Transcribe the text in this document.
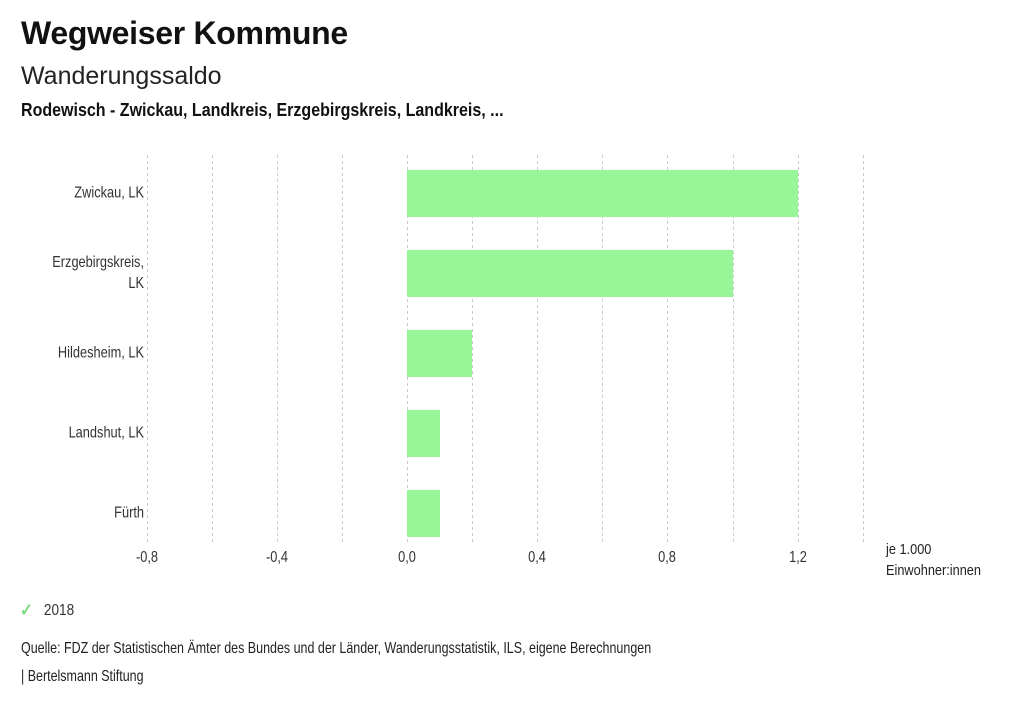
Wegweiser Kommune
Wanderungssaldo
Rodewisch - Zwickau, Landkreis, Erzgebirgskreis, Landkreis, ...
je 1.000
Einwohner:innen
Zwickau, LK
Erzgebirgskreis, LK
Hildesheim, LK
Landshut, LK
Fürth
-0,8	-0,4	0,0	0,4	0,8	1,2
✓ 2018
Quelle: FDZ der Statistischen Ämter des Bundes und der Länder, Wanderungsstatistik, ILS, eigene Berechnungen
| Bertelsmann Stiftung
